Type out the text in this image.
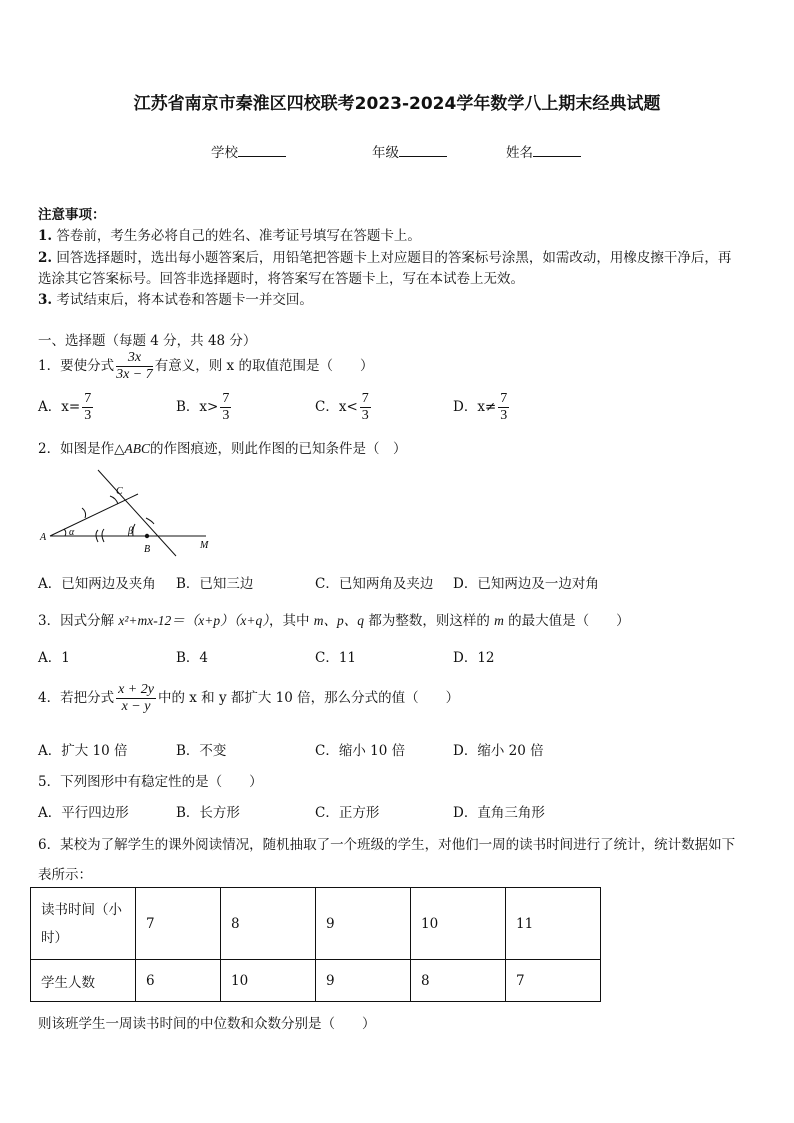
江苏省南京市秦淮区四校联考2023-2024学年数学八上期末经典试题
学校	年级	姓名
注意事项：
1. 答卷前，考生务必将自己的姓名、准考证号填写在答题卡上。
2. 回答选择题时，选出每小题答案后，用铅笔把答题卡上对应题目的答案标号涂黑，如需改动，用橡皮擦干净后，再
选涂其它答案标号。回答非选择题时，将答案写在答题卡上，写在本试卷上无效。
3. 考试结束后，将本试卷和答题卡一并交回。
一、选择题（每题 4 分，共 48 分）
1．要使分式 $\frac{3x}{3x - 7}$ 有意义，则 x 的取值范围是（　　）
A．$x= \frac{7}{3}$	B．$x> \frac{7}{3}$	C．$x< \frac{7}{3}$	D．$x\ne \frac{7}{3}$
2．如图是作△ABC的作图痕迹，则此作图的已知条件是（　）
A
B
C
M
α	β
A．已知两边及夹角 B．已知三边	C．已知两角及夹边 D．已知两边及一边对角
3．因式分解 x²+mx-12＝（x+p）（x+q），其中 m、p、q 都为整数，则这样的 m 的最大值是（　　）
A．1	B．4	C．11	D．12
4．若把分式 $\frac{x + 2y}{x - y}$ 中的 x 和 y 都扩大 10 倍，那么分式的值（　　）
A．扩大 10 倍	B．不变	C．缩小 10 倍	D．缩小 20 倍
5．下列图形中有稳定性的是（　　）
A．平行四边形	B．长方形	C．正方形	D．直角三角形
6．某校为了解学生的课外阅读情况，随机抽取了一个班级的学生，对他们一周的读书时间进行了统计，统计数据如下
表所示：
读书时间（小
时）	7	8	9	10	11
学生人数	6	10	9	8	7
则该班学生一周读书时间的中位数和众数分别是（　　）
